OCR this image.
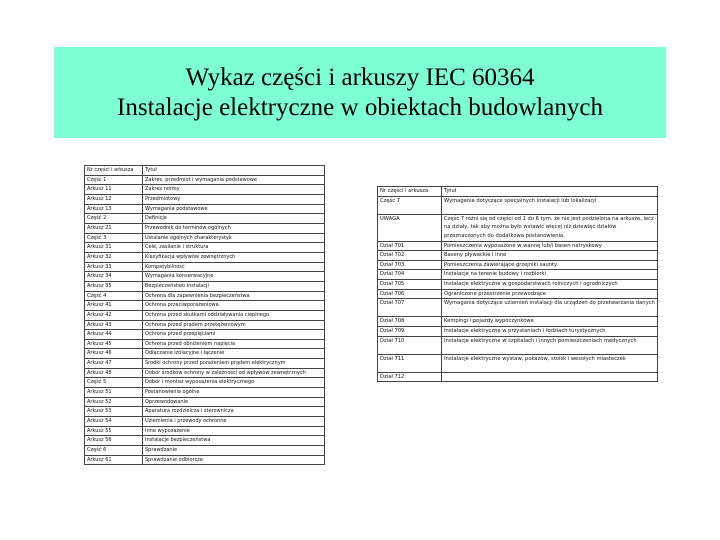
Wykaz części i arkuszy IEC 60364
Instalacje elektryczne w obiektach budowlanych
Nr części i arkusza	Tytuł
Część 1	Zakres, przedmiot i wymagania podstawowe
Arkusz 11	Zakres normy
Arkusz 12	Przedmiotowy
Arkusz 13	Wymagania podstawowe
Część 2	Definicje
Arkusz 21	Przewodnik do terminów ogólnych
Część 3	Ustalanie ogólnych charakterystyk
Arkusz 31	Cele, zasilanie i struktura
Arkusz 32	Klasyfikacja wpływów zewnętrznych
Arkusz 33	Kompatybilność
Arkusz 34	Wymagania konserwacyjne
Arkusz 35	Bezpieczeństwo instalacji
Część 4	Ochrona dla zapewnienia bezpieczeństwa
Arkusz 41	Ochrona przeciwporażeniowa
Arkusz 42	Ochrona przed skutkami oddziaływania cieplnego
Arkusz 43	Ochrona przed prądem przetężeniowym
Arkusz 44	Ochrona przed przepięciami
Arkusz 45	Ochrona przed obniżeniem napięcia
Arkusz 46	Odłączanie izolacyjne i łączenie
Arkusz 47	Środki ochrony przed porażeniem prądem elektrycznym
Arkusz 48	Dobór środków ochrony w zależności od wpływów zewnętrznych
Część 5	Dobór i montaż wyposażenia elektrycznego
Arkusz 51	Postanowienia ogólne
Arkusz 52	Oprzewodowanie
Arkusz 53	Aparatura rozdzielcza i sterownicza
Arkusz 54	Uziemienia i przewody ochronne
Arkusz 55	Inne wyposażenie
Arkusz 56	Instalacje bezpieczeństwa
Część 6	Sprawdzanie
Arkusz 61	Sprawdzanie odbiorcze
Nr części i arkusza	Tytuł
Część 7	Wymagania dotyczące specjalnych instalacji lub lokalizacji
UWAGA	Część 7 różni się od części od 1 do 6 tym, że nie jest podzielona na arkusze, lecz na działy, tak aby można było wstawić więcej niż dziewięć działów przeznaczonych do dodatkowa postanowienia.
Dział 701	Pomieszczenia wyposażone w wannę lub/i basen natryskowy
Dział 702	Baseny pływackie i inne
Dział 703	Pomieszczenia zawierające grzejniki saunty
Dział 704	Instalacje na terenie budowy i rozbiórki
Dział 705	Instalacje elektryczne w gospodarstwach rolniczych i ogrodniczych
Dział 706	Ograniczone przestrzenie przewodzące
Dział 707	Wymagania dotyczące uziemień instalacji dla urządzeń do przetwarzania danych
Dział 708	Kempingi i pojazdy wypoczynkowe
Dział 709	Instalacje elektryczne w przystaniach i łodziach turystycznych
Dział 710	Instalacje elektryczne w szpitalach i innych pomieszczeniach medycznych
Dział 711	Instalacje elektryczne wystaw, pokazów, stoisk i wesołych miasteczek
Dział 712	
